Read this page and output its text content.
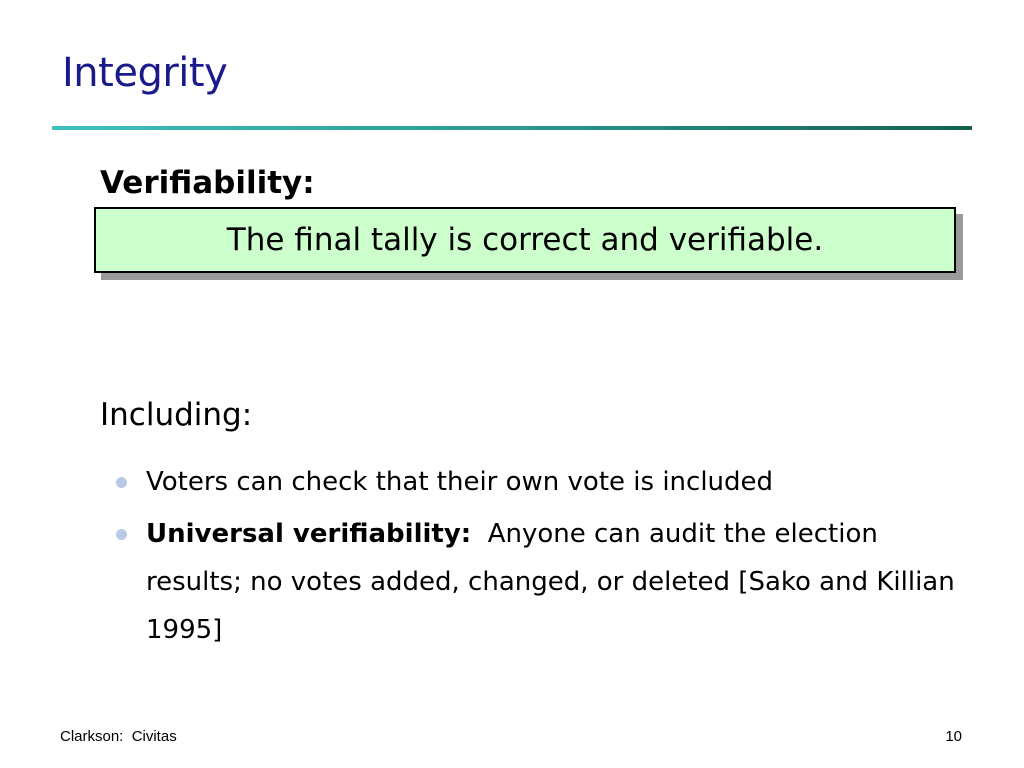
Integrity
Verifiability:
The final tally is correct and verifiable.
Including:
Voters can check that their own vote is included
Universal verifiability: Anyone can audit the election results; no votes added, changed, or deleted [Sako and Killian 1995]
Clarkson:  Civitas	10
